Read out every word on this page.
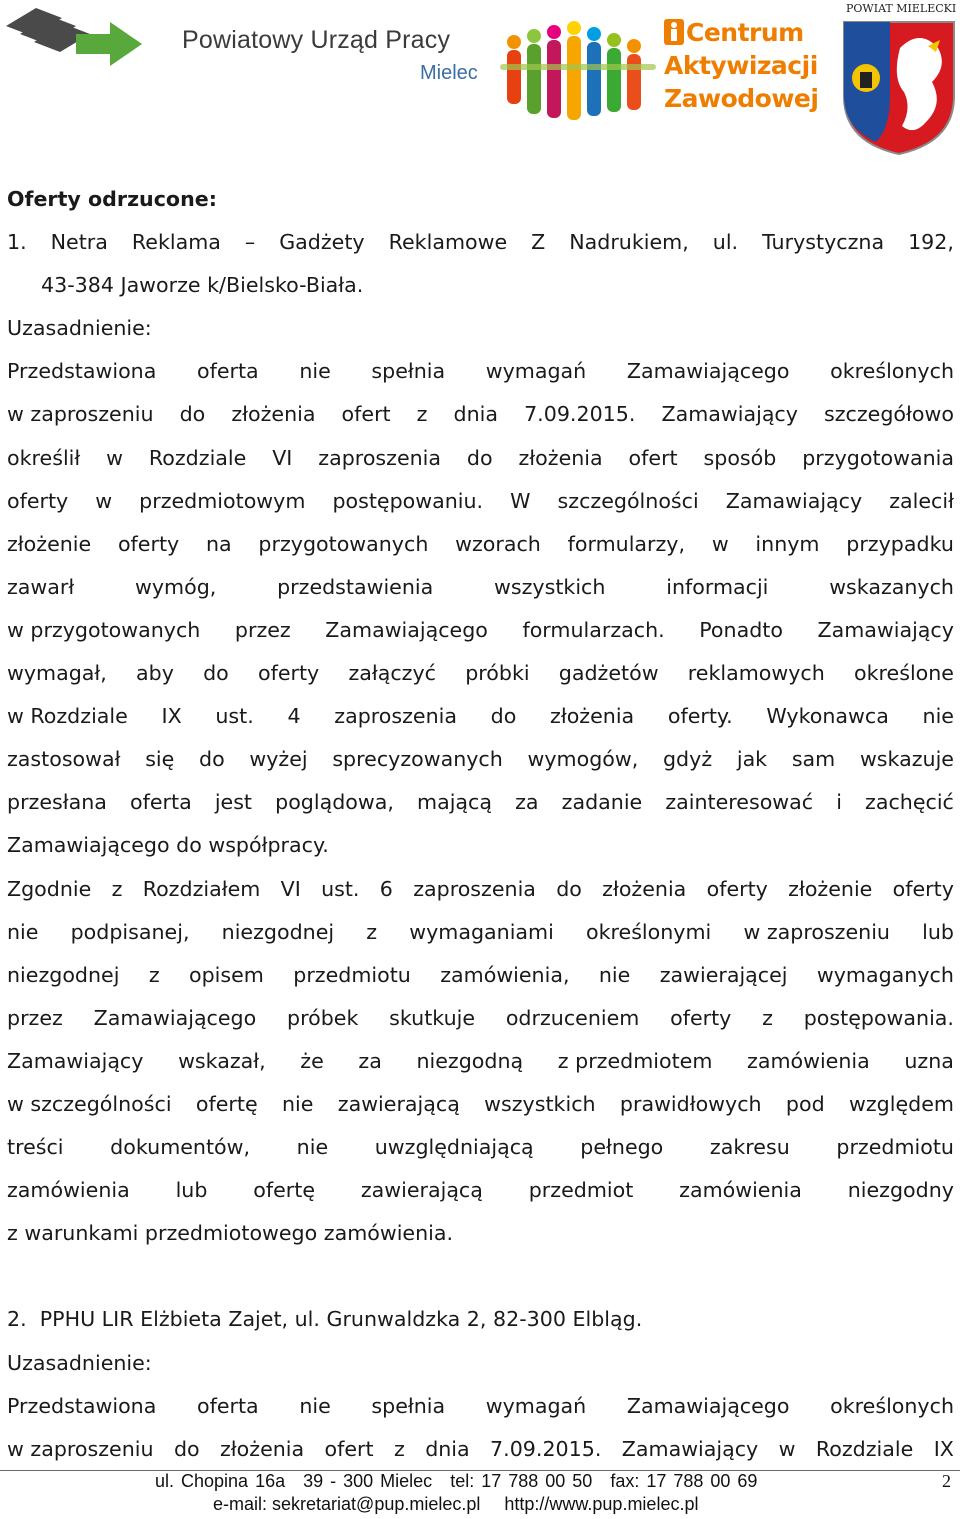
Powiatowy Urząd Pracy
Mielec
Centrum
Aktywizacji
Zawodowej
POWIAT MIELECKI
Oferty odrzucone:
1. Netra Reklama – Gadżety Reklamowe Z Nadrukiem, ul. Turystyczna 192,
43-384 Jaworze k/Bielsko-Biała.
Uzasadnienie:
Przedstawiona oferta nie spełnia wymagań Zamawiającego określonych
w zaproszeniu do złożenia ofert z dnia 7.09.2015. Zamawiający szczegółowo
określił w Rozdziale VI zaproszenia do złożenia ofert sposób przygotowania
oferty w przedmiotowym postępowaniu. W szczególności Zamawiający zalecił
złożenie oferty na przygotowanych wzorach formularzy, w innym przypadku
zawarł	wymóg,	przedstawienia	wszystkich	informacji	wskazanych
w przygotowanych przez Zamawiającego formularzach. Ponadto Zamawiający
wymagał, aby do oferty załączyć próbki gadżetów reklamowych określone
w Rozdziale IX ust. 4 zaproszenia do złożenia oferty. Wykonawca nie
zastosował się do wyżej sprecyzowanych wymogów, gdyż jak sam wskazuje
przesłana oferta jest poglądowa, mającą za zadanie zainteresować i zachęcić
Zamawiającego do współpracy.
Zgodnie z Rozdziałem VI ust. 6 zaproszenia do złożenia oferty złożenie oferty
nie podpisanej, niezgodnej z wymaganiami określonymi w zaproszeniu lub
niezgodnej z opisem przedmiotu zamówienia, nie zawierającej wymaganych
przez Zamawiającego próbek skutkuje odrzuceniem oferty z postępowania.
Zamawiający wskazał, że za niezgodną z przedmiotem zamówienia uzna
w szczególności ofertę nie zawierającą wszystkich prawidłowych pod względem
treści dokumentów, nie uwzględniającą pełnego zakresu przedmiotu
zamówienia lub ofertę zawierającą przedmiot zamówienia niezgodny
z warunkami przedmiotowego zamówienia.
2.  PPHU LIR Elżbieta Zajet, ul. Grunwaldzka 2, 82-300 Elbląg.
Uzasadnienie:
Przedstawiona oferta nie spełnia wymagań Zamawiającego określonych
w zaproszeniu do złożenia ofert z dnia 7.09.2015. Zamawiający w Rozdziale IX
ul. Chopina 16a 39 - 300 Mielec tel: 17 788 00 50 fax: 17 788 00 69
e-mail: sekretariat@pup.mielec.pl http://www.pup.mielec.pl
2
